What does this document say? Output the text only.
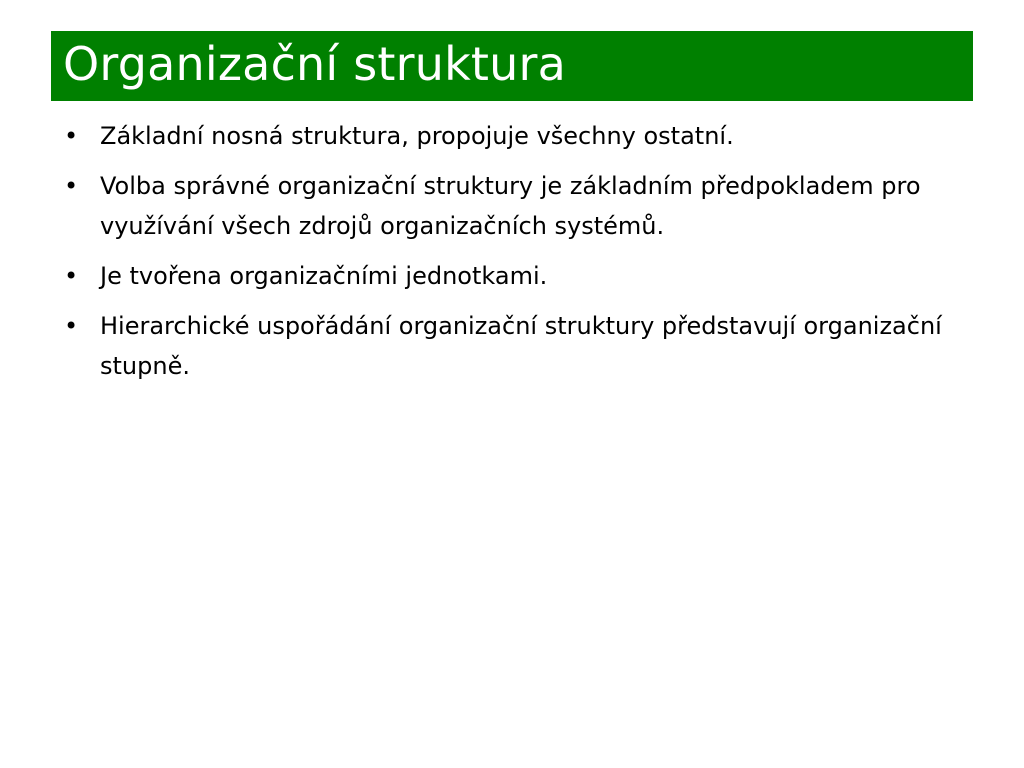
Organizační struktura
• Základní nosná struktura, propojuje všechny ostatní.
• Volba správné organizační struktury je základním předpokladem pro využívání všech zdrojů organizačních systémů.
• Je tvořena organizačními jednotkami.
• Hierarchické uspořádání organizační struktury představují organizační stupně.
